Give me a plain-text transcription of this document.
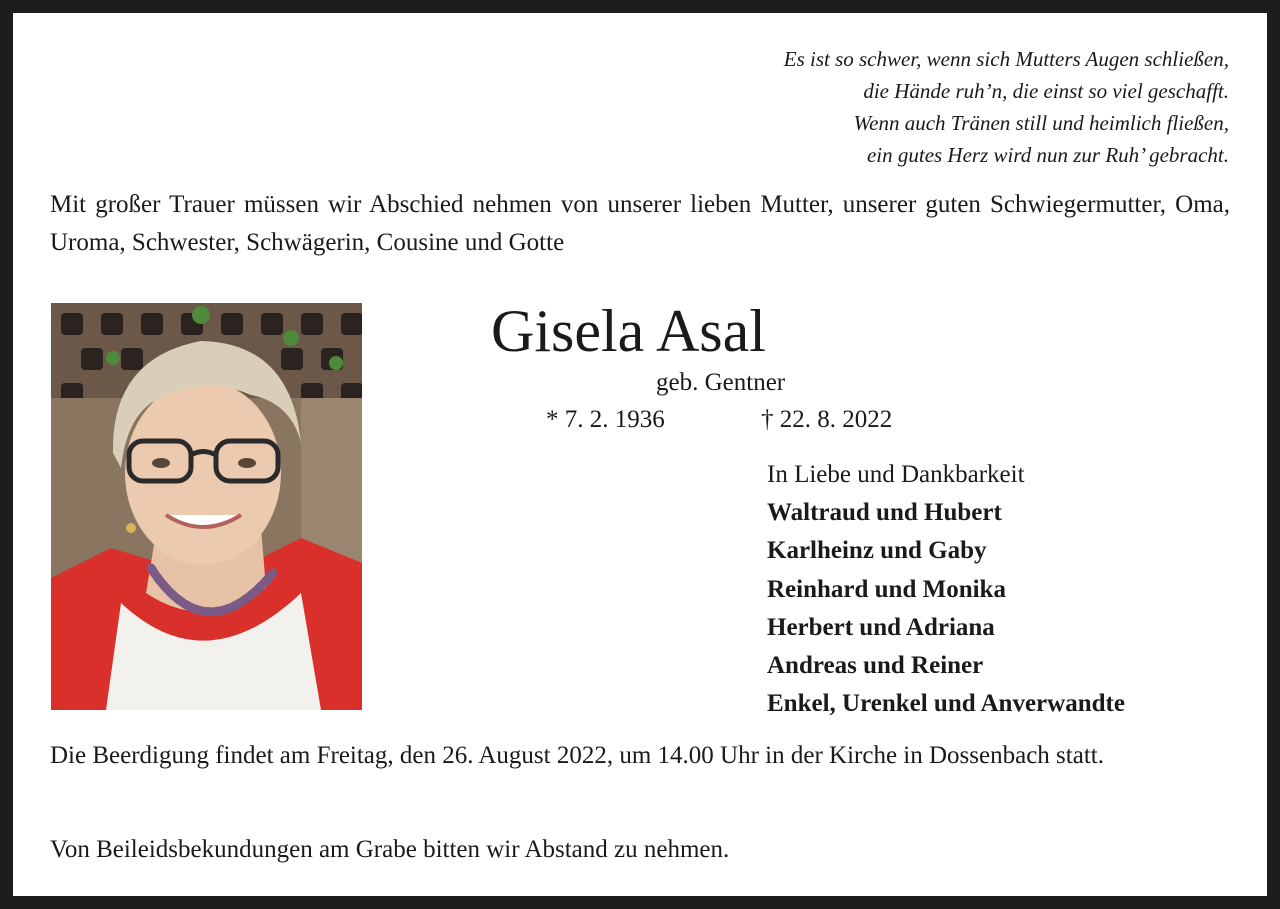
Es ist so schwer, wenn sich Mutters Augen schließen,
die Hände ruh’n, die einst so viel geschafft.
Wenn auch Tränen still und heimlich fließen,
ein gutes Herz wird nun zur Ruh’ gebracht.
Mit großer Trauer müssen wir Abschied nehmen von unserer lieben Mutter, unserer guten Schwiegermutter, Oma, Uroma, Schwester, Schwägerin, Cousine und Gotte
Gisela Asal
geb. Gentner
* 7. 2. 1936	† 22. 8. 2022
In Liebe und Dankbarkeit
Waltraud und Hubert
Karlheinz und Gaby
Reinhard und Monika
Herbert und Adriana
Andreas und Reiner
Enkel, Urenkel und Anverwandte
Die Beerdigung findet am Freitag, den 26. August 2022, um 14.00 Uhr in der Kirche in Dossenbach statt.
Von Beileidsbekundungen am Grabe bitten wir Abstand zu nehmen.
